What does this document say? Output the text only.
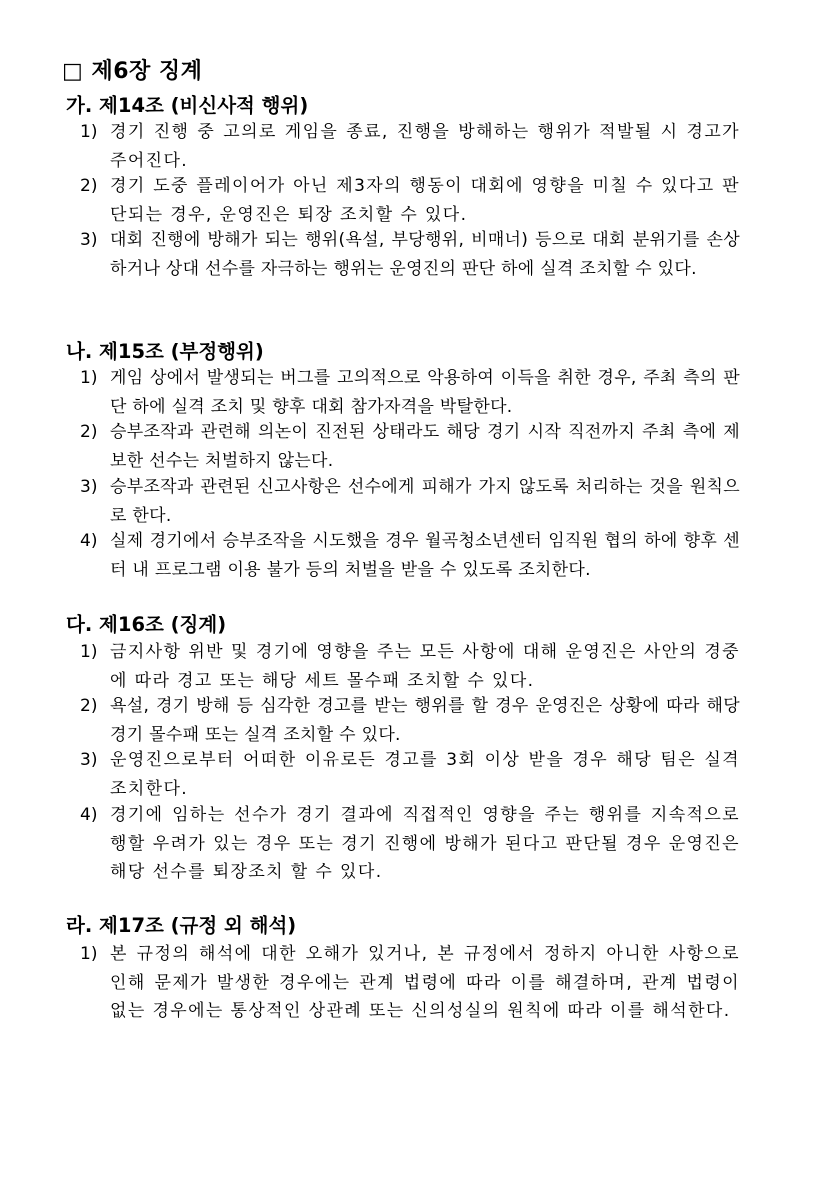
□ 제6장 징계
가. 제14조 (비신사적 행위)
1) 경기 진행 중 고의로 게임을 종료, 진행을 방해하는 행위가 적발될 시 경고가 주어진다.
2) 경기 도중 플레이어가 아닌 제3자의 행동이 대회에 영향을 미칠 수 있다고 판단되는 경우, 운영진은 퇴장 조치할 수 있다.
3) 대회 진행에 방해가 되는 행위(욕설, 부당행위, 비매너) 등으로 대회 분위기를 손상하거나 상대 선수를 자극하는 행위는 운영진의 판단 하에 실격 조치할 수 있다.
나. 제15조 (부정행위)
1) 게임 상에서 발생되는 버그를 고의적으로 악용하여 이득을 취한 경우, 주최 측의 판단 하에 실격 조치 및 향후 대회 참가자격을 박탈한다.
2) 승부조작과 관련해 의논이 진전된 상태라도 해당 경기 시작 직전까지 주최 측에 제보한 선수는 처벌하지 않는다.
3) 승부조작과 관련된 신고사항은 선수에게 피해가 가지 않도록 처리하는 것을 원칙으로 한다.
4) 실제 경기에서 승부조작을 시도했을 경우 월곡청소년센터 임직원 협의 하에 향후 센터 내 프로그램 이용 불가 등의 처벌을 받을 수 있도록 조치한다.
다. 제16조 (징계)
1) 금지사항 위반 및 경기에 영향을 주는 모든 사항에 대해 운영진은 사안의 경중에 따라 경고 또는 해당 세트 몰수패 조치할 수 있다.
2) 욕설, 경기 방해 등 심각한 경고를 받는 행위를 할 경우 운영진은 상황에 따라 해당 경기 몰수패 또는 실격 조치할 수 있다.
3) 운영진으로부터 어떠한 이유로든 경고를 3회 이상 받을 경우 해당 팀은 실격 조치한다.
4) 경기에 임하는 선수가 경기 결과에 직접적인 영향을 주는 행위를 지속적으로 행할 우려가 있는 경우 또는 경기 진행에 방해가 된다고 판단될 경우 운영진은 해당 선수를 퇴장조치 할 수 있다.
라. 제17조 (규정 외 해석)
1) 본 규정의 해석에 대한 오해가 있거나, 본 규정에서 정하지 아니한 사항으로 인해 문제가 발생한 경우에는 관계 법령에 따라 이를 해결하며, 관계 법령이 없는 경우에는 통상적인 상관례 또는 신의성실의 원칙에 따라 이를 해석한다.
